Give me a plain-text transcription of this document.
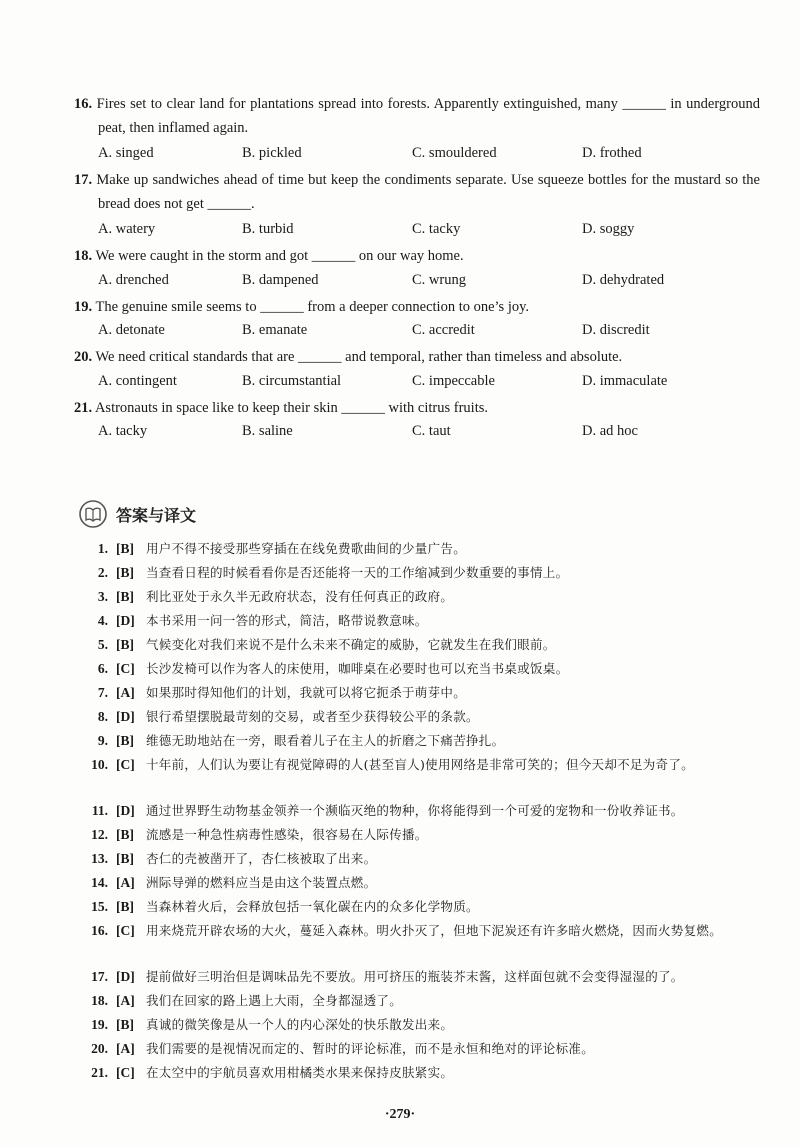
16. Fires set to clear land for plantations spread into forests. Apparently extinguished, many ______ in underground peat, then inflamed again.
A. singed	B. pickled	C. smouldered	D. frothed
17. Make up sandwiches ahead of time but keep the condiments separate. Use squeeze bottles for the mustard so the bread does not get ______.
A. watery	B. turbid	C. tacky	D. soggy
18. We were caught in the storm and got ______ on our way home.
A. drenched	B. dampened	C. wrung	D. dehydrated
19. The genuine smile seems to ______ from a deeper connection to one’s joy.
A. detonate	B. emanate	C. accredit	D. discredit
20. We need critical standards that are ______ and temporal, rather than timeless and absolute.
A. contingent	B. circumstantial	C. impeccable	D. immaculate
21. Astronauts in space like to keep their skin ______ with citrus fruits.
A. tacky	B. saline	C. taut	D. ad hoc
答案与译文
1. [B] 用户不得不接受那些穿插在在线免费歌曲间的少量广告。
2. [B] 当查看日程的时候看看你是否还能将一天的工作缩减到少数重要的事情上。
3. [B] 利比亚处于永久半无政府状态，没有任何真正的政府。
4. [D] 本书采用一问一答的形式，简洁，略带说教意味。
5. [B] 气候变化对我们来说不是什么未来不确定的威胁，它就发生在我们眼前。
6. [C] 长沙发椅可以作为客人的床使用，咖啡桌在必要时也可以充当书桌或饭桌。
7. [A] 如果那时得知他们的计划，我就可以将它扼杀于萌芽中。
8. [D] 银行希望摆脱最苛刻的交易，或者至少获得较公平的条款。
9. [B] 维德无助地站在一旁，眼看着儿子在主人的折磨之下痛苦挣扎。
10. [C] 十年前，人们认为要让有视觉障碍的人(甚至盲人)使用网络是非常可笑的；但今天却不足为奇了。
11. [D] 通过世界野生动物基金领养一个濒临灭绝的物种，你将能得到一个可爱的宠物和一份收养证书。
12. [B] 流感是一种急性病毒性感染，很容易在人际传播。
13. [B] 杏仁的壳被凿开了，杏仁核被取了出来。
14. [A] 洲际导弹的燃料应当是由这个装置点燃。
15. [B] 当森林着火后，会释放包括一氧化碳在内的众多化学物质。
16. [C] 用来烧荒开辟农场的大火，蔓延入森林。明火扑灭了，但地下泥炭还有许多暗火燃烧，因而火势复燃。
17. [D] 提前做好三明治但是调味品先不要放。用可挤压的瓶装芥末酱，这样面包就不会变得湿湿的了。
18. [A] 我们在回家的路上遇上大雨，全身都湿透了。
19. [B] 真诚的微笑像是从一个人的内心深处的快乐散发出来。
20. [A] 我们需要的是视情况而定的、暂时的评论标准，而不是永恒和绝对的评论标准。
21. [C] 在太空中的宇航员喜欢用柑橘类水果来保持皮肤紧实。
·279·
